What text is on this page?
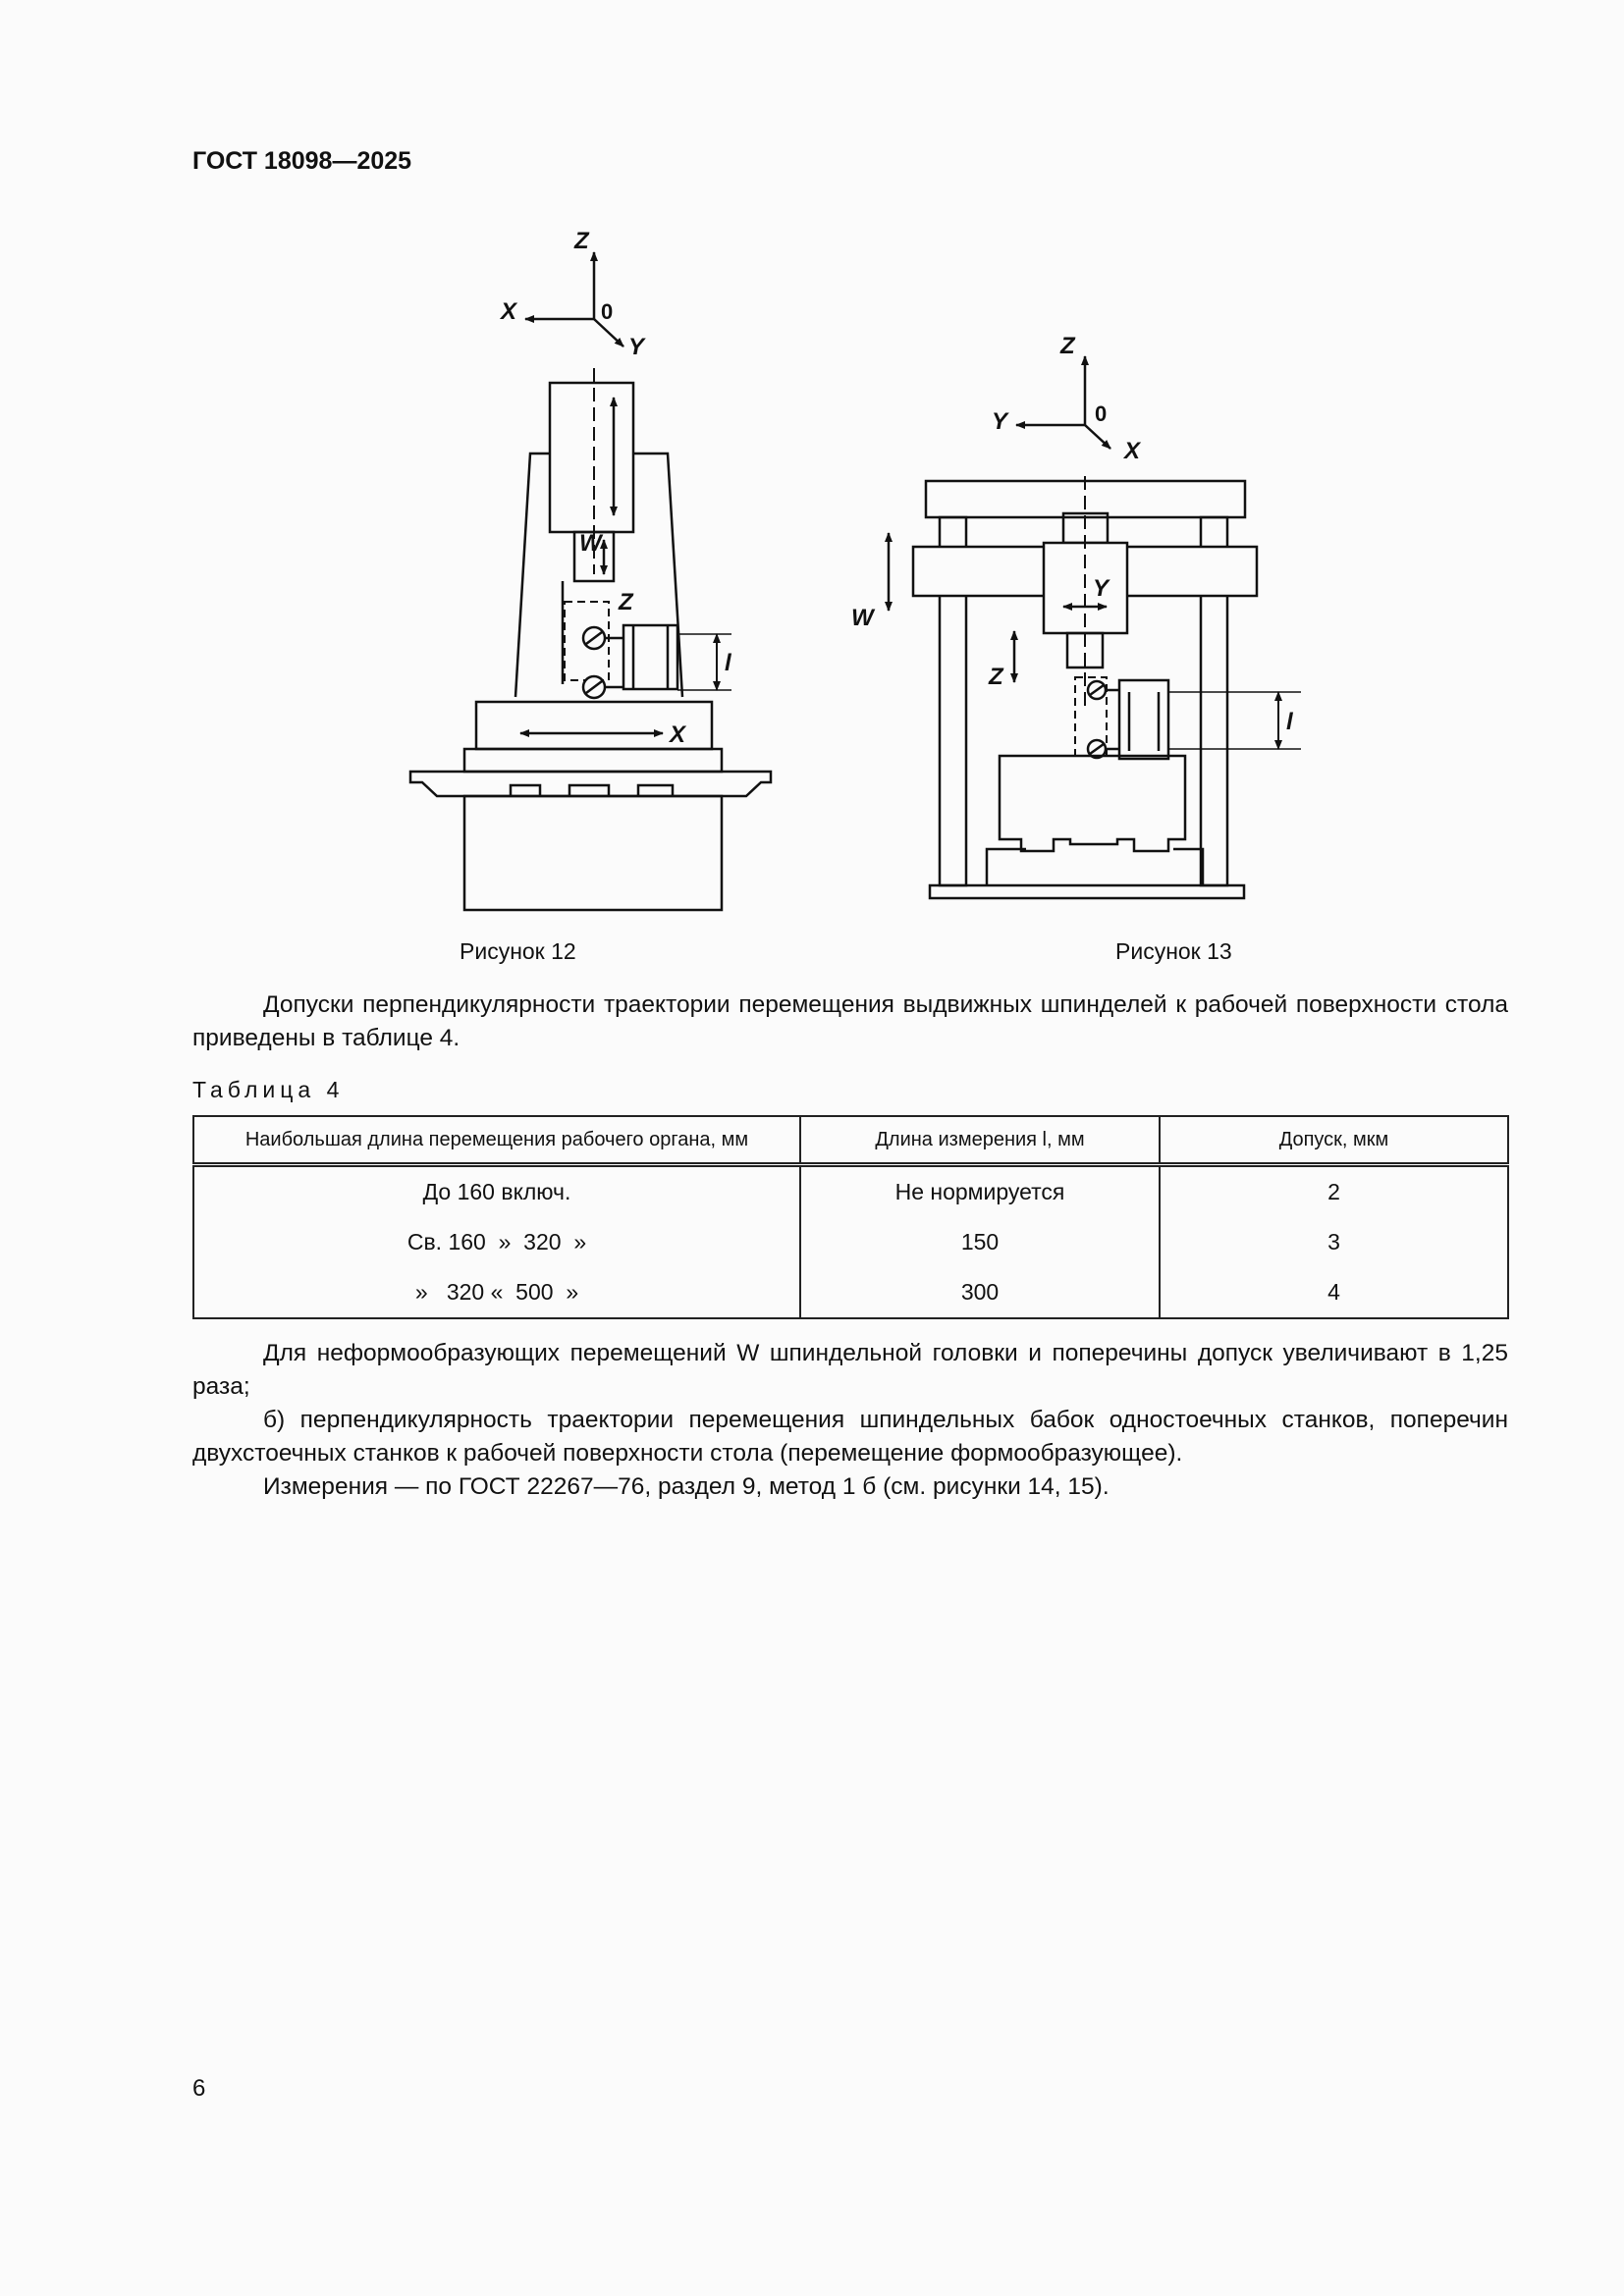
ГОСТ 18098—2025
Z
X
Y
0
W
Z
l
X
Рисунок 12
Z
Y
X
0
W
Y
Z
l
Рисунок 13
Допуски перпендикулярности траектории перемещения выдвижных шпинделей к рабочей поверхности стола приведены в таблице 4.
Таблица 4
Наибольшая длина перемещения рабочего органа, мм	Длина измерения l, мм	Допуск, мкм
До 160 включ.	Не нормируется	2
Св. 160  »  320  »	150	3
»   320 «  500  »	300	4
Для неформообразующих перемещений W шпиндельной головки и поперечины допуск увеличивают в 1,25 раза;
б) перпендикулярность траектории перемещения шпиндельных бабок одностоечных станков, поперечин двухстоечных станков к рабочей поверхности стола (перемещение формообразующее).
Измерения — по ГОСТ 22267—76, раздел 9, метод 1 б (см. рисунки 14, 15).
6
